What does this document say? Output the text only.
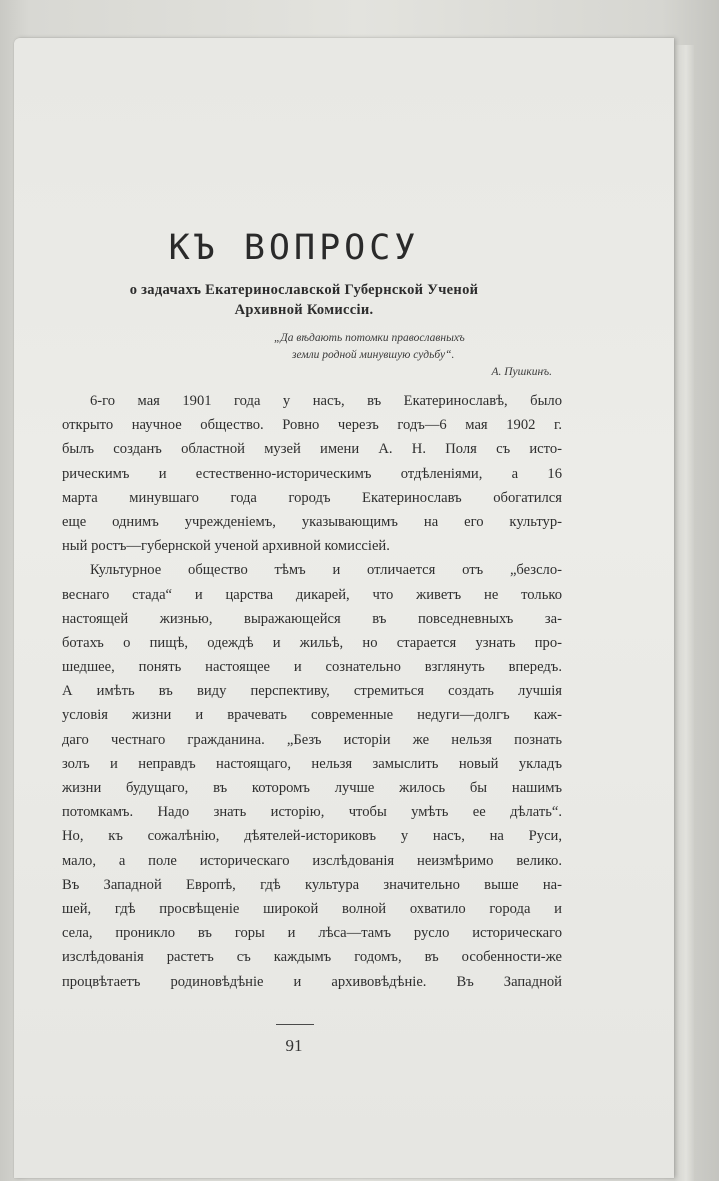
КЪ ВОПРОСУ
о задачахъ Екатеринославской Губернской Ученой
Архивной Комиссіи.
„Да вѣдають потомки православныхъ
земли родной минувшую судьбу“.
А. Пушкинъ.
6-го мая 1901 года у насъ, въ Екатеринославѣ, было
открыто научное общество. Ровно черезъ годъ—6 мая 1902 г.
былъ созданъ областной музей имени А. Н. Поля съ исто-
рическимъ и естественно-историческимъ отдѣленіями, а 16
марта минувшаго года городъ Екатеринославъ обогатился
еще однимъ учрежденіемъ, указывающимъ на его культур-
ный ростъ—губернской ученой архивной комиссіей.
Культурное общество тѣмъ и отличается отъ „безсло-
веснаго стада“ и царства дикарей, что живетъ не только
настоящей жизнью, выражающейся въ повседневныхъ за-
ботахъ о пищѣ, одеждѣ и жильѣ, но старается узнать про-
шедшее, понять настоящее и сознательно взглянуть впередъ.
А имѣть въ виду перспективу, стремиться создать лучшія
условія жизни и врачевать современные недуги—долгъ каж-
даго честнаго гражданина. „Безъ исторіи же нельзя познать
золъ и неправдъ настоящаго, нельзя замыслить новый укладъ
жизни будущаго, въ которомъ лучше жилось бы нашимъ
потомкамъ. Надо знать исторію, чтобы умѣть ее дѣлать“.
Но, къ сожалѣнію, дѣятелей-историковъ у насъ, на Руси,
мало, а поле историческаго изслѣдованія неизмѣримо велико.
Въ Западной Европѣ, гдѣ культура значительно выше на-
шей, гдѣ просвѣщеніе широкой волной охватило города и
села, проникло въ горы и лѣса—тамъ русло историческаго
изслѣдованія растетъ съ каждымъ годомъ, въ особенности-же
процвѣтаетъ родиновѣдѣніе и архивовѣдѣніе. Въ Западной
91
